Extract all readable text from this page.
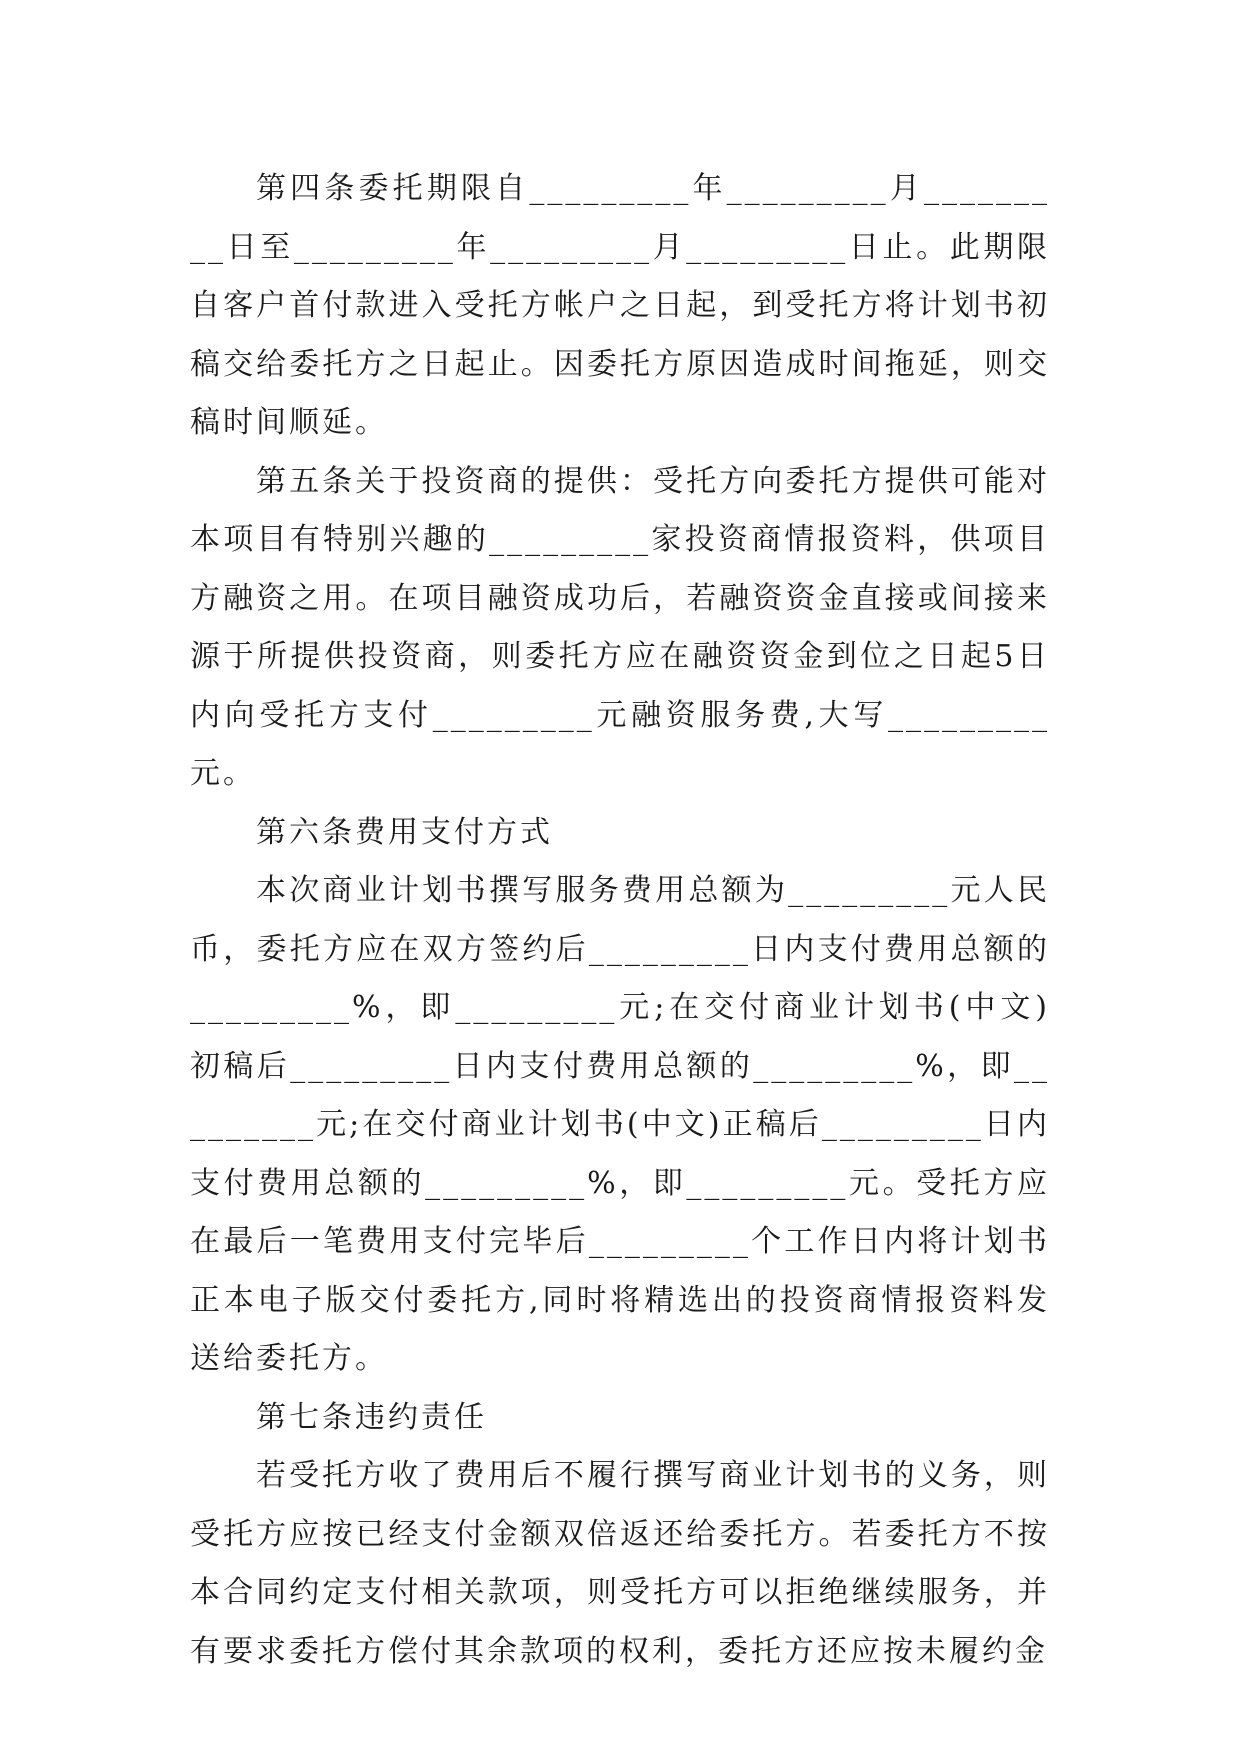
第四条委托期限自_________年_________月_________日至_________年_________月_________日止。此期限自客户首付款进入受托方帐户之日起，到受托方将计划书初稿交给委托方之日起止。因委托方原因造成时间拖延，则交稿时间顺延。

第五条关于投资商的提供：受托方向委托方提供可能对本项目有特别兴趣的_________家投资商情报资料，供项目方融资之用。在项目融资成功后，若融资资金直接或间接来源于所提供投资商，则委托方应在融资资金到位之日起5日内向受托方支付_________元融资服务费,大写_________元。

第六条费用支付方式

本次商业计划书撰写服务费用总额为_________元人民币，委托方应在双方签约后_________日内支付费用总额的_________%，即_________元;在交付商业计划书(中文)初稿后_________日内支付费用总额的_________%，即_________元;在交付商业计划书(中文)正稿后_________日内支付费用总额的_________%，即_________元。受托方应在最后一笔费用支付完毕后_________个工作日内将计划书正本电子版交付委托方,同时将精选出的投资商情报资料发送给委托方。

第七条违约责任

若受托方收了费用后不履行撰写商业计划书的义务，则受托方应按已经支付金额双倍返还给委托方。若委托方不按本合同约定支付相关款项，则受托方可以拒绝继续服务，并有要求委托方偿付其余款项的权利，委托方还应按未履约金
